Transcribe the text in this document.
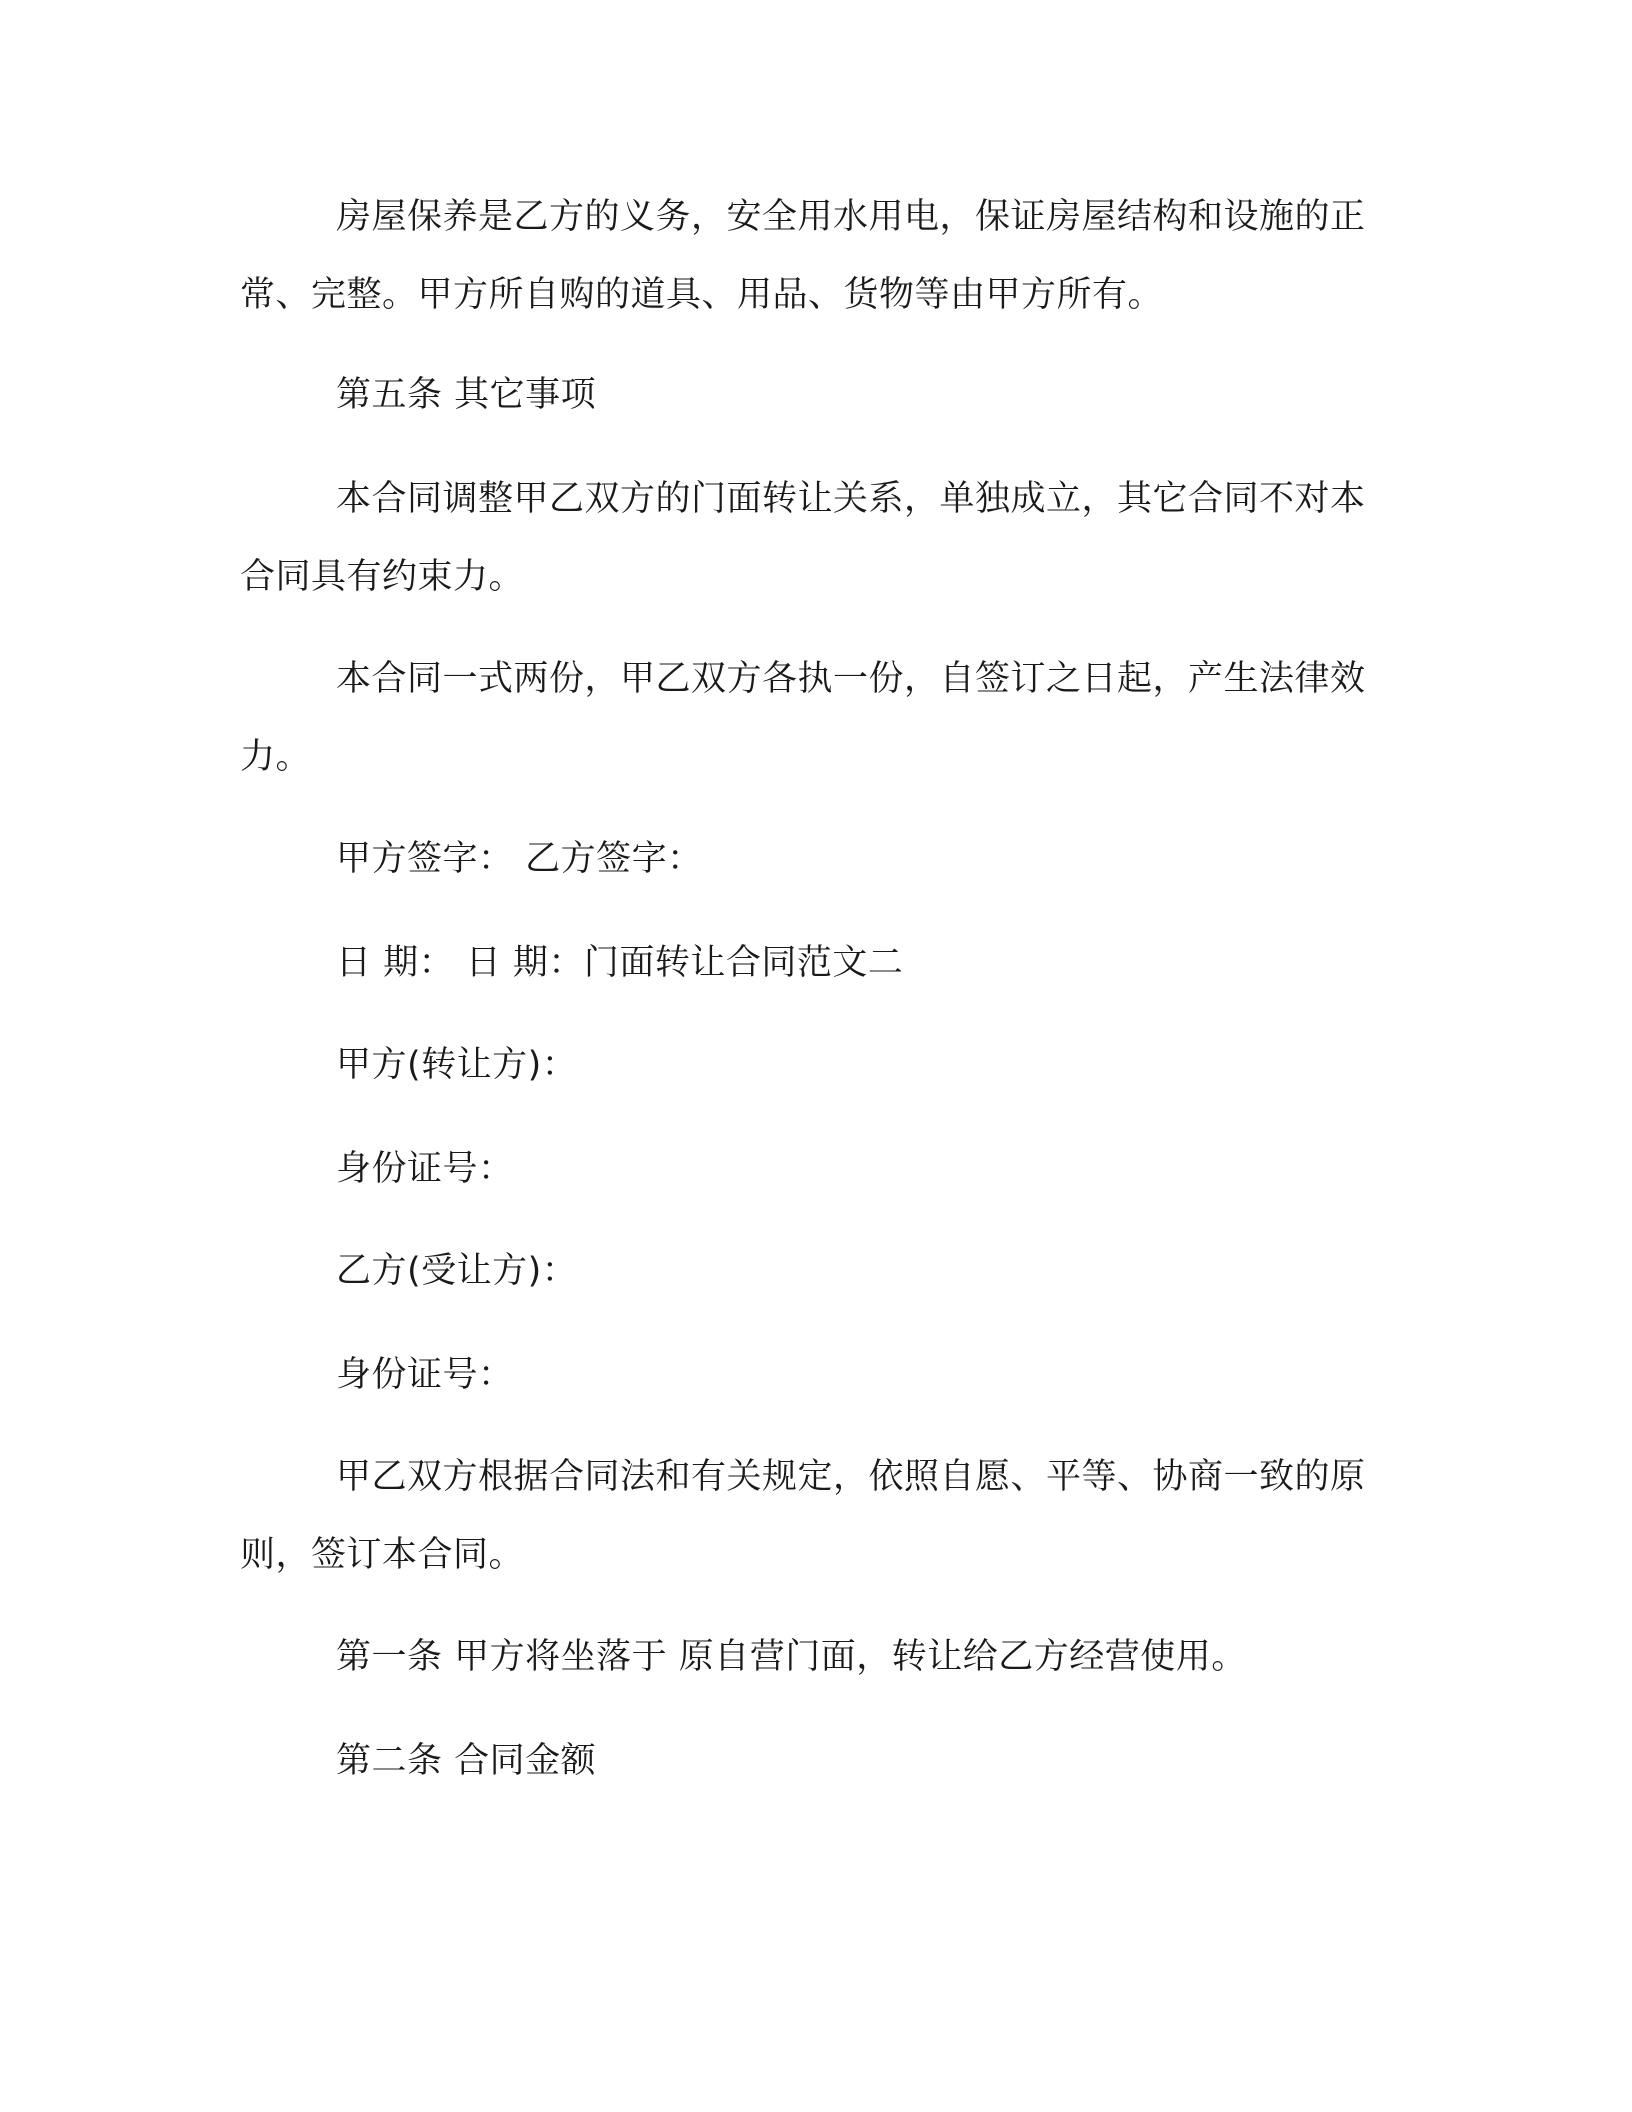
房屋保养是乙方的义务，安全用水用电，保证房屋结构和设施的正常、完整。甲方所自购的道具、用品、货物等由甲方所有。

第五条 其它事项

本合同调整甲乙双方的门面转让关系，单独成立，其它合同不对本合同具有约束力。

本合同一式两份，甲乙双方各执一份，自签订之日起，产生法律效力。

甲方签字： 乙方签字：

日 期： 日 期：门面转让合同范文二

甲方(转让方)：

身份证号：

乙方(受让方)：

身份证号：

甲乙双方根据合同法和有关规定，依照自愿、平等、协商一致的原则，签订本合同。

第一条 甲方将坐落于 原自营门面，转让给乙方经营使用。

第二条 合同金额
